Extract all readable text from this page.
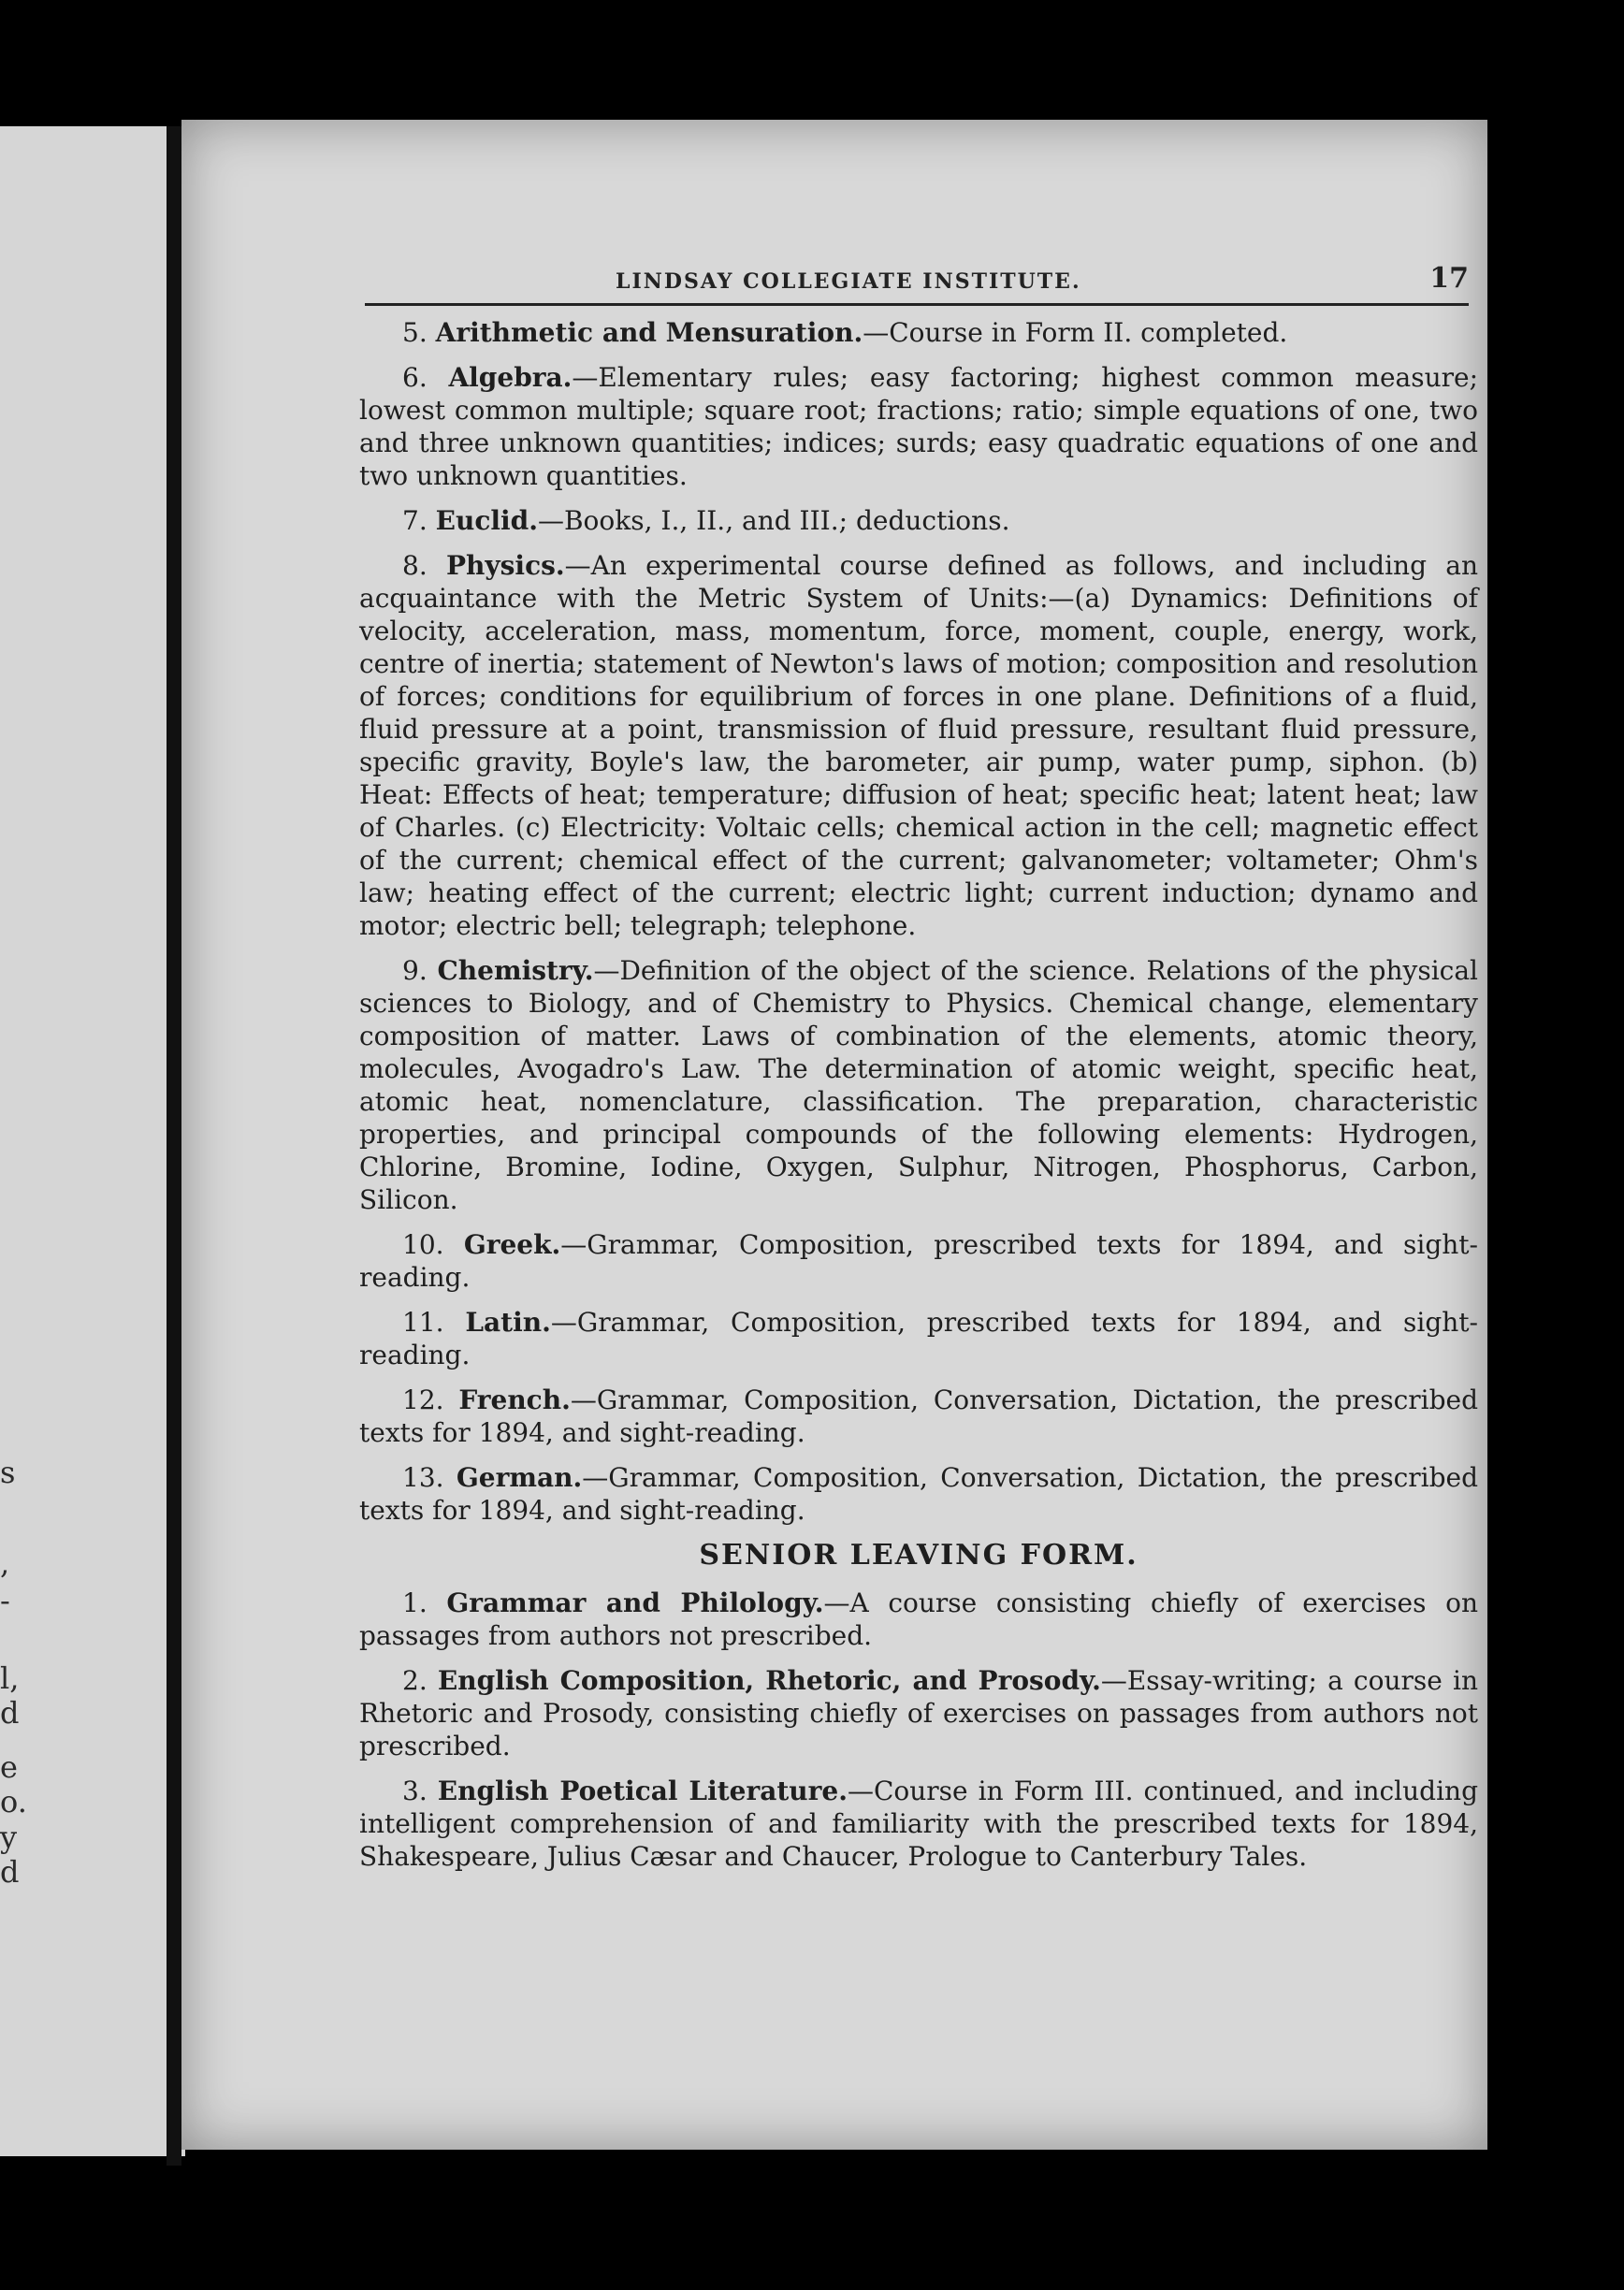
s
,
-
l,
d
e
o.
y
d
LINDSAY COLLEGIATE INSTITUTE.	17

5. Arithmetic and Mensuration.—Course in Form II. completed.

6. Algebra.—Elementary rules; easy factoring; highest common measure; lowest common multiple; square root; fractions; ratio; simple equations of one, two and three unknown quantities; indices; surds; easy quadratic equations of one and two unknown quantities.

7. Euclid.—Books, I., II., and III.; deductions.

8. Physics.—An experimental course defined as follows, and including an acquaintance with the Metric System of Units:—(a) Dynamics: Definitions of velocity, acceleration, mass, momentum, force, moment, couple, energy, work, centre of inertia; statement of Newton's laws of motion; composition and resolution of forces; conditions for equilibrium of forces in one plane. Definitions of a fluid, fluid pressure at a point, transmission of fluid pressure, resultant fluid pressure, specific gravity, Boyle's law, the barometer, air pump, water pump, siphon. (b) Heat: Effects of heat; temperature; diffusion of heat; specific heat; latent heat; law of Charles. (c) Electricity: Voltaic cells; chemical action in the cell; magnetic effect of the current; chemical effect of the current; galvanometer; voltameter; Ohm's law; heating effect of the current; electric light; current induction; dynamo and motor; electric bell; telegraph; telephone.

9. Chemistry.—Definition of the object of the science. Relations of the physical sciences to Biology, and of Chemistry to Physics. Chemical change, elementary composition of matter. Laws of combination of the elements, atomic theory, molecules, Avogadro's Law. The determination of atomic weight, specific heat, atomic heat, nomenclature, classification. The preparation, characteristic properties, and principal compounds of the following elements: Hydrogen, Chlorine, Bromine, Iodine, Oxygen, Sulphur, Nitrogen, Phosphorus, Carbon, Silicon.

10. Greek.—Grammar, Composition, prescribed texts for 1894, and sight-reading.

11. Latin.—Grammar, Composition, prescribed texts for 1894, and sight-reading.

12. French.—Grammar, Composition, Conversation, Dictation, the prescribed texts for 1894, and sight-reading.

13. German.—Grammar, Composition, Conversation, Dictation, the prescribed texts for 1894, and sight-reading.

SENIOR LEAVING FORM.

1. Grammar and Philology.—A course consisting chiefly of exercises on passages from authors not prescribed.

2. English Composition, Rhetoric, and Prosody.—Essay-writing; a course in Rhetoric and Prosody, consisting chiefly of exercises on passages from authors not prescribed.

3. English Poetical Literature.—Course in Form III. continued, and including intelligent comprehension of and familiarity with the prescribed texts for 1894, Shakespeare, Julius Cæsar and Chaucer, Prologue to Canterbury Tales.
